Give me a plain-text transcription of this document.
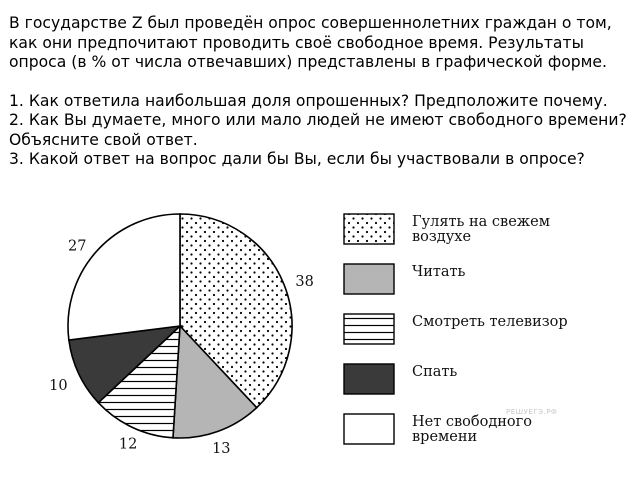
В государстве Z был проведён опрос совершеннолетних граждан о том, как они предпочитают проводить своё свободное время. Результаты опроса (в % от числа отвечавших) представлены в графической форме.

1. Как ответила наибольшая доля опрошенных? Предположите почему.

2. Как Вы думаете, много или мало людей не имеют свободного времени? Объясните свой ответ.

3. Какой ответ на вопрос дали бы Вы, если бы участвовали в опросе?

38
13
12
10
27
Гулять на свежем
воздухе
Читать
Смотреть телевизор
Спать
Нет свободного
времени
РЕШУЕГЭ.РФ
